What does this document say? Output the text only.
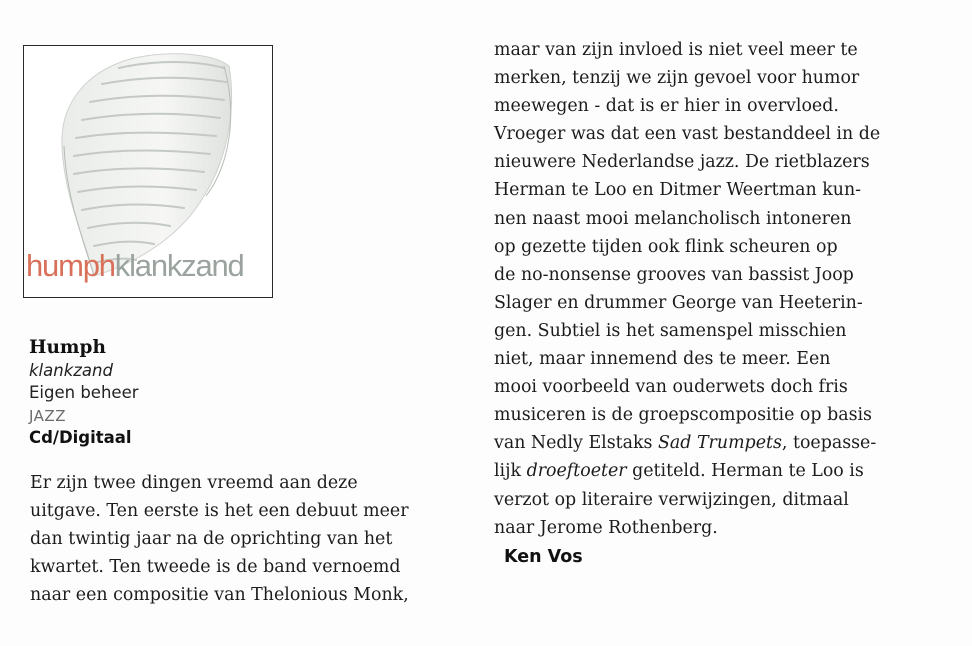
humphklankzand
Humph
klankzand
Eigen beheer
JAZZ
Cd/Digitaal
Er zijn twee dingen vreemd aan deze
uitgave. Ten eerste is het een debuut meer
dan twintig jaar na de oprichting van het
kwartet. Ten tweede is de band vernoemd
naar een compositie van Thelonious Monk,
maar van zijn invloed is niet veel meer te
merken, tenzij we zijn gevoel voor humor
meewegen - dat is er hier in overvloed.
Vroeger was dat een vast bestanddeel in de
nieuwere Nederlandse jazz. De rietblazers
Herman te Loo en Ditmer Weertman kun-
nen naast mooi melancholisch intoneren
op gezette tijden ook flink scheuren op
de no-nonsense grooves van bassist Joop
Slager en drummer George van Heeterin-
gen. Subtiel is het samenspel misschien
niet, maar innemend des te meer. Een
mooi voorbeeld van ouderwets doch fris
musiceren is de groepscompositie op basis
van Nedly Elstaks Sad Trumpets, toepasse-
lijk droeftoeter getiteld. Herman te Loo is
verzot op literaire verwijzingen, ditmaal
naar Jerome Rothenberg.
Ken Vos
